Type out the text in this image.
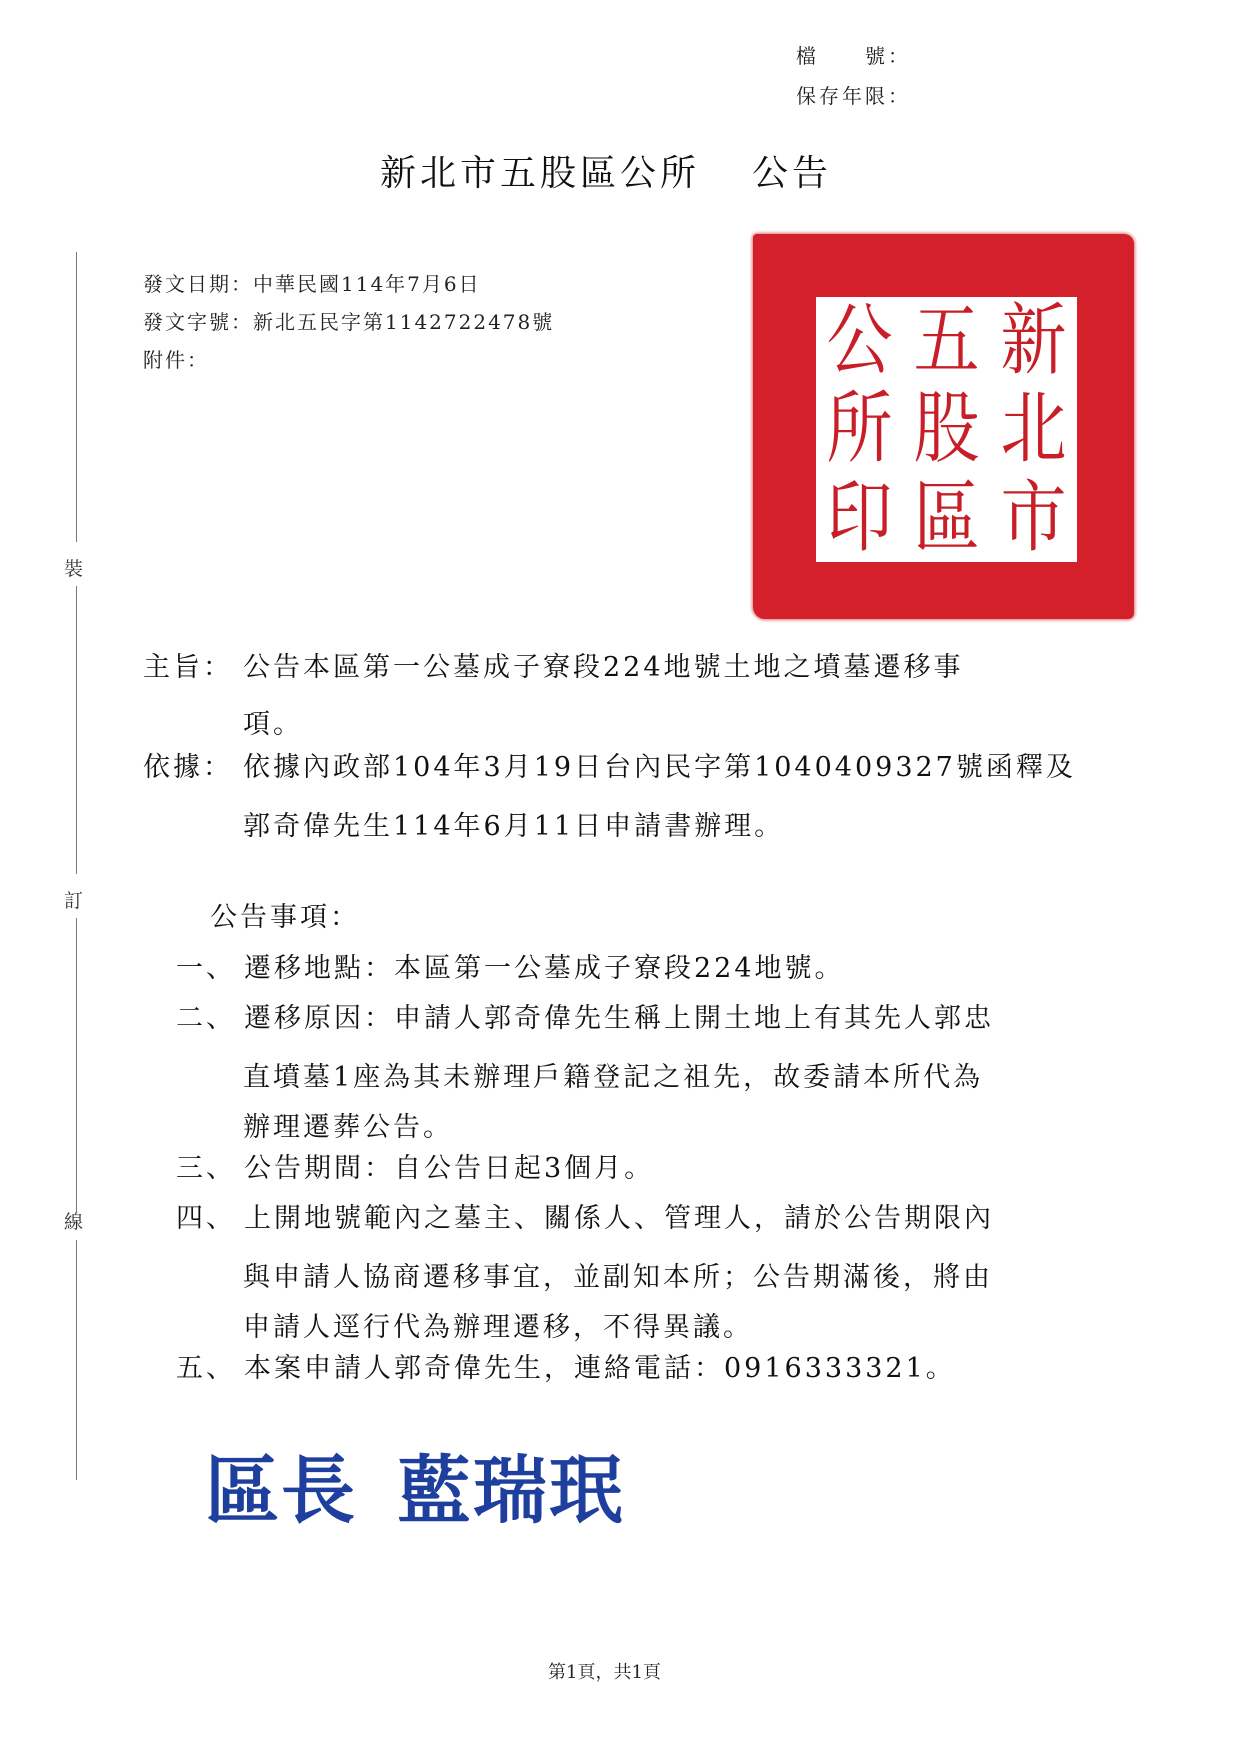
檔　　號：
保存年限：
新北市五股區公所 公告
發文日期：中華民國114年7月6日
發文字號：新北五民字第1142722478號
附件：
裝
訂
線
新
北
市
五
股
區
公
所
印
主旨： 公告本區第一公墓成子寮段224地號土地之墳墓遷移事
項。
依據： 依據內政部104年3月19日台內民字第1040409327號函釋及
郭奇偉先生114年6月11日申請書辦理。
公告事項：
一、 遷移地點：本區第一公墓成子寮段224地號。
二、 遷移原因：申請人郭奇偉先生稱上開土地上有其先人郭忠
直墳墓1座為其未辦理戶籍登記之祖先，故委請本所代為
辦理遷葬公告。
三、 公告期間：自公告日起3個月。
四、 上開地號範內之墓主、關係人、管理人，請於公告期限內
與申請人協商遷移事宜，並副知本所；公告期滿後，將由
申請人逕行代為辦理遷移，不得異議。
五、 本案申請人郭奇偉先生，連絡電話：0916333321。
區長 藍瑞珉
第1頁，共1頁
